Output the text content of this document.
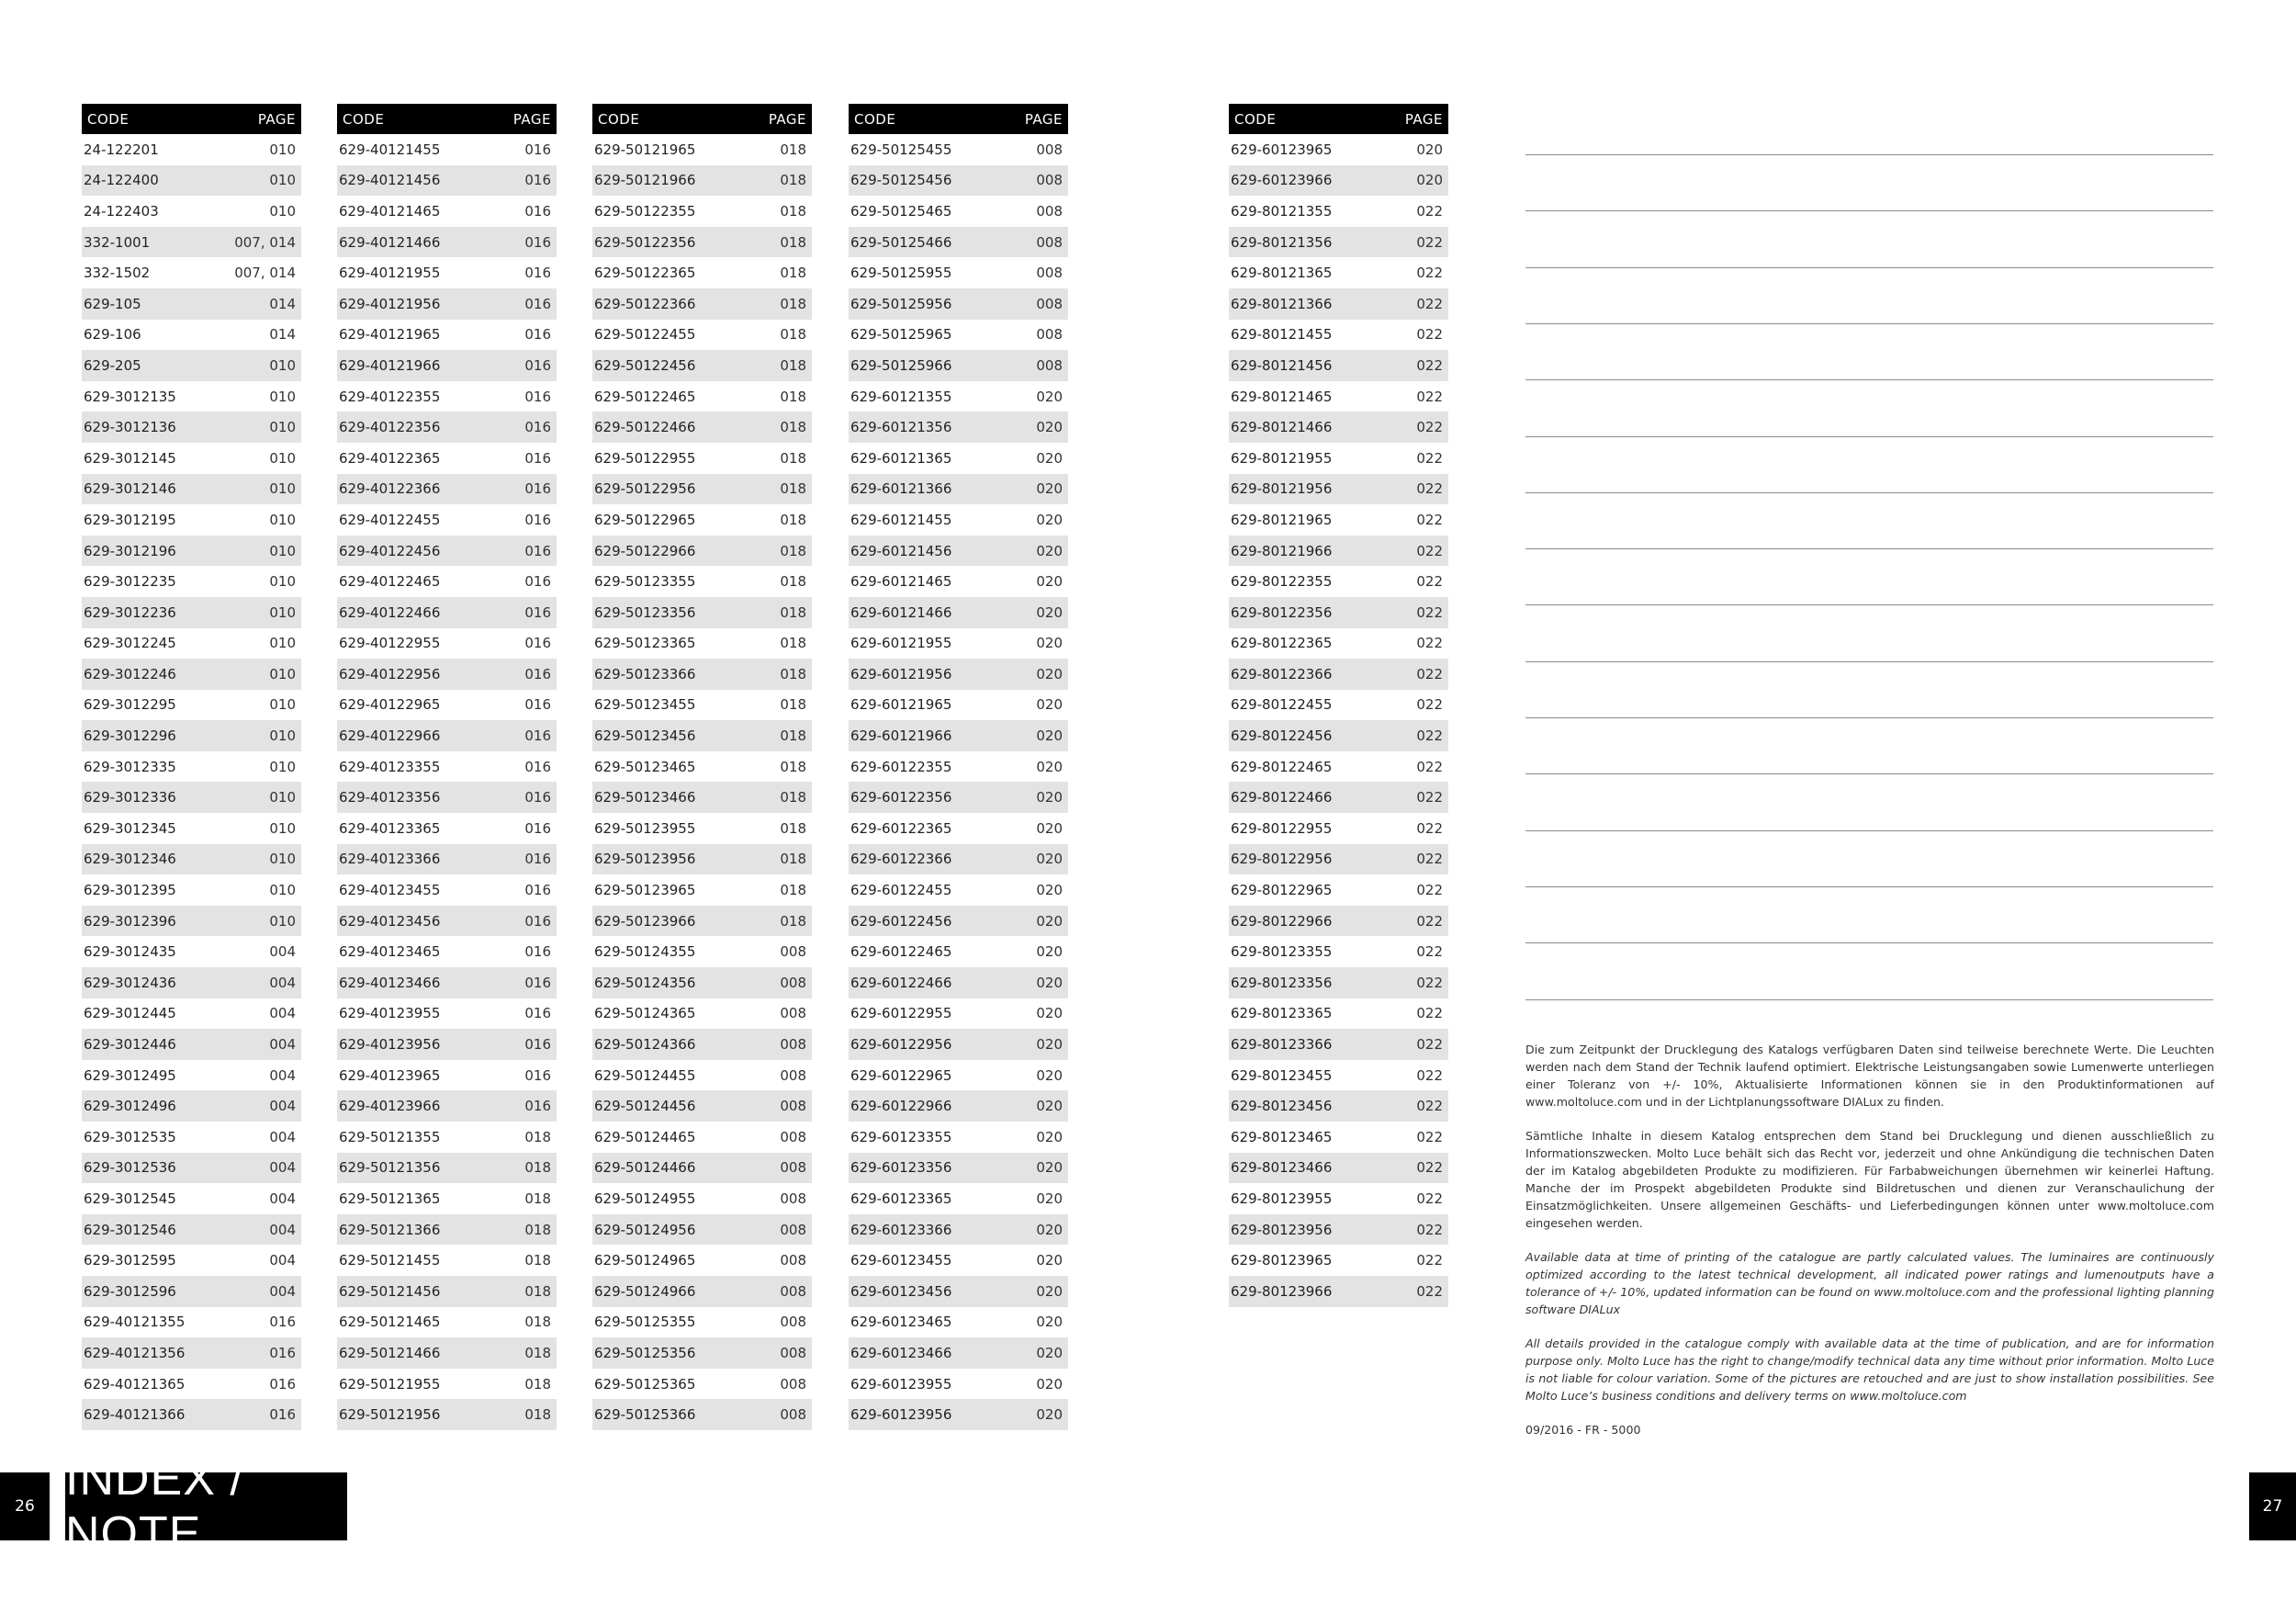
CODE	PAGE
24-122201	010
24-122400	010
24-122403	010
332-1001	007, 014
332-1502	007, 014
629-105	014
629-106	014
629-205	010
629-3012135	010
629-3012136	010
629-3012145	010
629-3012146	010
629-3012195	010
629-3012196	010
629-3012235	010
629-3012236	010
629-3012245	010
629-3012246	010
629-3012295	010
629-3012296	010
629-3012335	010
629-3012336	010
629-3012345	010
629-3012346	010
629-3012395	010
629-3012396	010
629-3012435	004
629-3012436	004
629-3012445	004
629-3012446	004
629-3012495	004
629-3012496	004
629-3012535	004
629-3012536	004
629-3012545	004
629-3012546	004
629-3012595	004
629-3012596	004
629-40121355	016
629-40121356	016
629-40121365	016
629-40121366	016
CODE	PAGE
629-40121455	016
629-40121456	016
629-40121465	016
629-40121466	016
629-40121955	016
629-40121956	016
629-40121965	016
629-40121966	016
629-40122355	016
629-40122356	016
629-40122365	016
629-40122366	016
629-40122455	016
629-40122456	016
629-40122465	016
629-40122466	016
629-40122955	016
629-40122956	016
629-40122965	016
629-40122966	016
629-40123355	016
629-40123356	016
629-40123365	016
629-40123366	016
629-40123455	016
629-40123456	016
629-40123465	016
629-40123466	016
629-40123955	016
629-40123956	016
629-40123965	016
629-40123966	016
629-50121355	018
629-50121356	018
629-50121365	018
629-50121366	018
629-50121455	018
629-50121456	018
629-50121465	018
629-50121466	018
629-50121955	018
629-50121956	018
CODE	PAGE
629-50121965	018
629-50121966	018
629-50122355	018
629-50122356	018
629-50122365	018
629-50122366	018
629-50122455	018
629-50122456	018
629-50122465	018
629-50122466	018
629-50122955	018
629-50122956	018
629-50122965	018
629-50122966	018
629-50123355	018
629-50123356	018
629-50123365	018
629-50123366	018
629-50123455	018
629-50123456	018
629-50123465	018
629-50123466	018
629-50123955	018
629-50123956	018
629-50123965	018
629-50123966	018
629-50124355	008
629-50124356	008
629-50124365	008
629-50124366	008
629-50124455	008
629-50124456	008
629-50124465	008
629-50124466	008
629-50124955	008
629-50124956	008
629-50124965	008
629-50124966	008
629-50125355	008
629-50125356	008
629-50125365	008
629-50125366	008
CODE	PAGE
629-50125455	008
629-50125456	008
629-50125465	008
629-50125466	008
629-50125955	008
629-50125956	008
629-50125965	008
629-50125966	008
629-60121355	020
629-60121356	020
629-60121365	020
629-60121366	020
629-60121455	020
629-60121456	020
629-60121465	020
629-60121466	020
629-60121955	020
629-60121956	020
629-60121965	020
629-60121966	020
629-60122355	020
629-60122356	020
629-60122365	020
629-60122366	020
629-60122455	020
629-60122456	020
629-60122465	020
629-60122466	020
629-60122955	020
629-60122956	020
629-60122965	020
629-60122966	020
629-60123355	020
629-60123356	020
629-60123365	020
629-60123366	020
629-60123455	020
629-60123456	020
629-60123465	020
629-60123466	020
629-60123955	020
629-60123956	020
CODE	PAGE
629-60123965	020
629-60123966	020
629-80121355	022
629-80121356	022
629-80121365	022
629-80121366	022
629-80121455	022
629-80121456	022
629-80121465	022
629-80121466	022
629-80121955	022
629-80121956	022
629-80121965	022
629-80121966	022
629-80122355	022
629-80122356	022
629-80122365	022
629-80122366	022
629-80122455	022
629-80122456	022
629-80122465	022
629-80122466	022
629-80122955	022
629-80122956	022
629-80122965	022
629-80122966	022
629-80123355	022
629-80123356	022
629-80123365	022
629-80123366	022
629-80123455	022
629-80123456	022
629-80123465	022
629-80123466	022
629-80123955	022
629-80123956	022
629-80123965	022
629-80123966	022

Die zum Zeitpunkt der Drucklegung des Katalogs verfügbaren Daten sind teilweise berechnete Werte. Die Leuchten werden nach dem Stand der Technik laufend optimiert. Elektrische Leistungsangaben sowie Lumenwerte unterliegen einer Toleranz von +/- 10%, Aktualisierte Informationen können sie in den Produktinformationen auf www.moltoluce.com und in der Lichtplanungssoftware DIALux zu finden.

Sämtliche Inhalte in diesem Katalog entsprechen dem Stand bei Drucklegung und dienen ausschließlich zu Informationszwecken. Molto Luce behält sich das Recht vor, jederzeit und ohne Ankündigung die technischen Daten der im Katalog abgebildeten Produkte zu modifizieren. Für Farbabweichungen übernehmen wir keinerlei Haftung. Manche der im Prospekt abgebildeten Produkte sind Bildretuschen und dienen zur Veranschaulichung der Einsatzmöglichkeiten. Unsere allgemeinen Geschäfts- und Lieferbedingungen können unter www.moltoluce.com eingesehen werden.

Available data at time of printing of the catalogue are partly calculated values. The luminaires are continuously optimized according to the latest technical development, all indicated power ratings and lumenoutputs have a tolerance of +/- 10%, updated information can be found on www.moltoluce.com and the professional lighting planning software DIALux

All details provided in the catalogue comply with available data at the time of publication, and are for information purpose only. Molto Luce has the right to change/modify technical data any time without prior information. Molto Luce is not liable for colour variation. Some of the pictures are retouched and are just to show installation possibilities. See Molto Luce’s business conditions and delivery terms on www.moltoluce.com

09/2016 - FR - 5000

26
INDEX / NOTE
27
